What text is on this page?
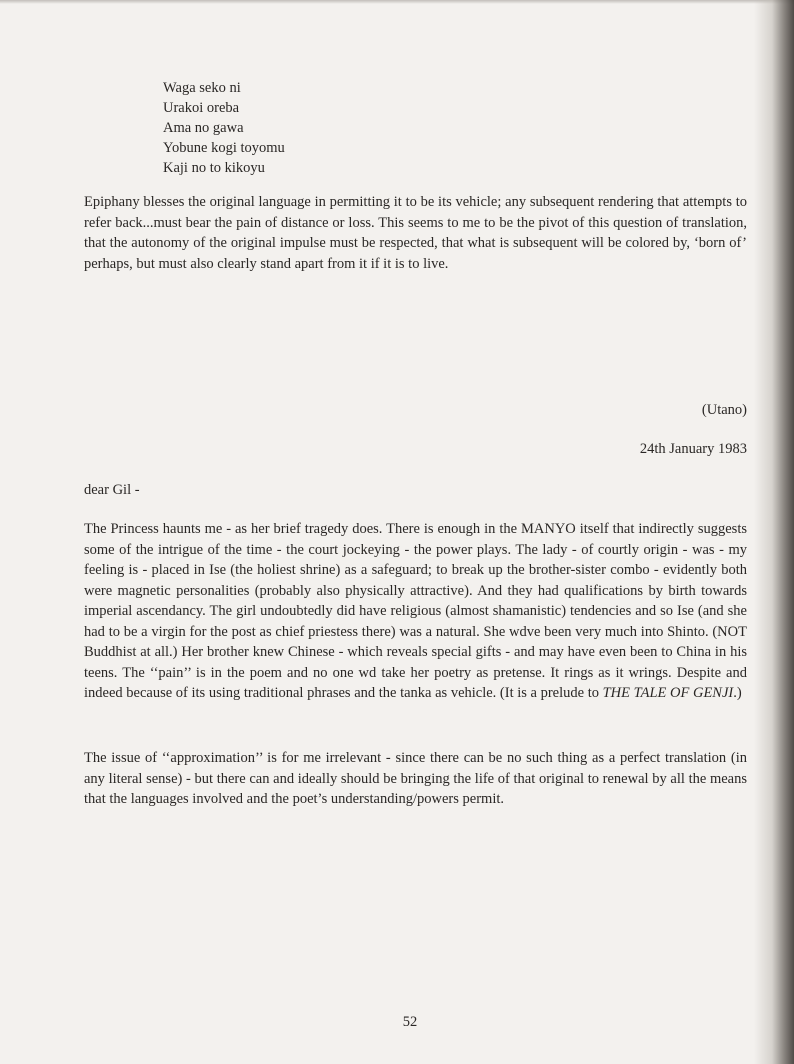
Waga seko ni
Urakoi oreba
Ama no gawa
Yobune kogi toyomu
Kaji no to kikoyu

Epiphany blesses the original language in permitting it to be its vehicle; any subsequent rendering that attempts to refer back...must bear the pain of distance or loss. This seems to me to be the pivot of this question of translation, that the autonomy of the original impulse must be respected, that what is subsequent will be colored by, ‘born of’ perhaps, but must also clearly stand apart from it if it is to live.

(Utano)

24th January 1983

dear Gil -

The Princess haunts me - as her brief tragedy does. There is enough in the MANYO itself that indirectly suggests some of the intrigue of the time - the court jockeying - the power plays. The lady - of courtly origin - was - my feeling is - placed in Ise (the holiest shrine) as a safeguard; to break up the brother-sister combo - evidently both were magnetic personalities (probably also physically attractive). And they had qualifications by birth towards imperial ascendancy. The girl undoubtedly did have religious (almost shamanistic) tendencies and so Ise (and she had to be a virgin for the post as chief priestess there) was a natural. She wdve been very much into Shinto. (NOT Buddhist at all.) Her brother knew Chinese - which reveals special gifts - and may have even been to China in his teens. The ‘‘pain’’ is in the poem and no one wd take her poetry as pretense. It rings as it wrings. Despite and indeed because of its using traditional phrases and the tanka as vehicle. (It is a prelude to THE TALE OF GENJI.)

The issue of ‘‘approximation’’ is for me irrelevant - since there can be no such thing as a perfect translation (in any literal sense) - but there can and ideally should be bringing the life of that original to renewal by all the means that the languages involved and the poet’s understanding/powers permit.

52
